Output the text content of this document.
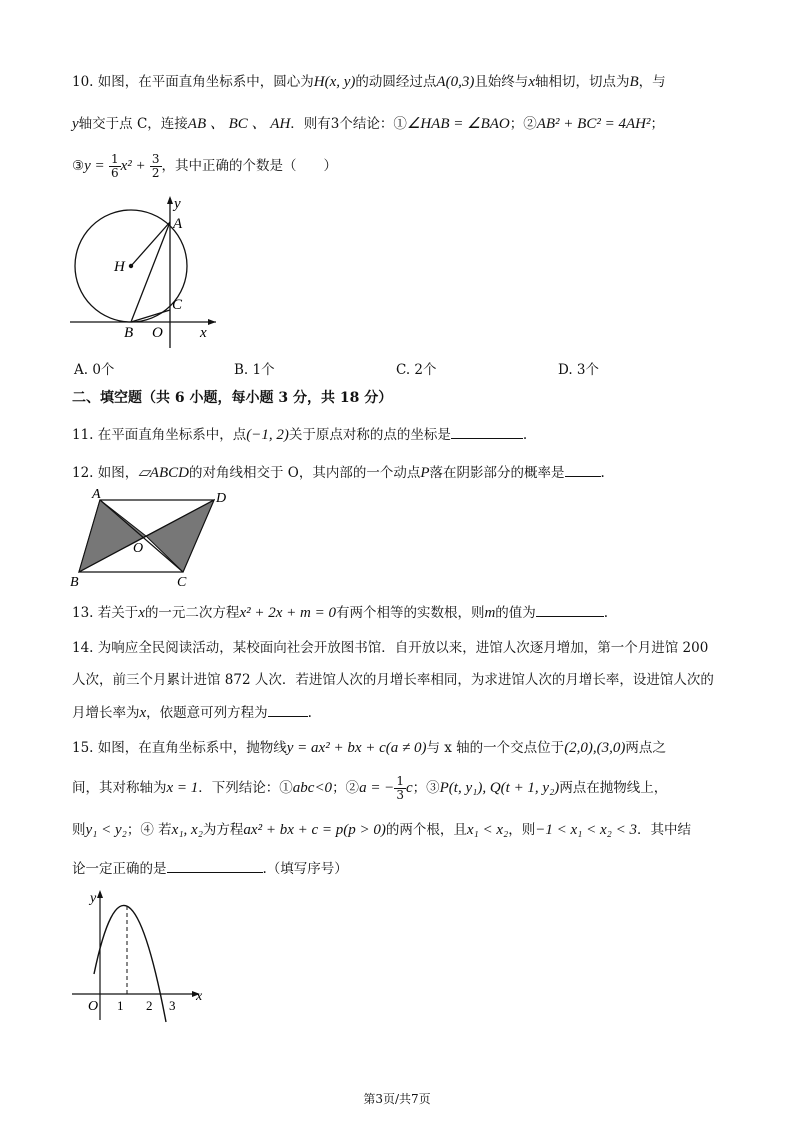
10. 如图，在平面直角坐标系中，圆心为H(x, y)的动圆经过点A(0,3)且始终与x轴相切，切点为B，与
y轴交于点 C，连接AB 、 BC 、 AH．则有3个结论：①∠HAB = ∠BAO；②AB² + BC² = 4AH²；
③y = $\frac{1}{6} x^2 + \frac{3}{2}$ ，其中正确的个数是（　　）
y
A
H
C
B O x
A. 0个	B. 1个	C. 2个	D. 3个
二、填空题（共 6 小题，每小题 3 分，共 18 分）
11. 在平面直角坐标系中，点(−1, 2)关于原点对称的点的坐标是	.
12. 如图，▱ABCD的对角线相交于 O，其内部的一个动点P落在阴影部分的概率是	.
A	D
O
B	C
13. 若关于x的一元二次方程x² + 2x + m = 0有两个相等的实数根，则m的值为	.
14. 为响应全民阅读活动，某校面向社会开放图书馆．自开放以来，进馆人次逐月增加，第一个月进馆 200
人次，前三个月累计进馆 872 人次．若进馆人次的月增长率相同，为求进馆人次的月增长率，设进馆人次的
月增长率为x，依题意可列方程为	.
15. 如图，在直角坐标系中，抛物线y = ax² + bx + c(a ≠ 0)与 x 轴的一个交点位于(2,0),(3,0)两点之
间，其对称轴为x = 1．下列结论：①abc<0；②a = − $\frac{1}{3}$ c；③P(t, y₁), Q(t + 1, y₂)两点在抛物线上，
则y₁ < y₂；④ 若x₁, x₂为方程ax² + bx + c = p(p > 0)的两个根，且x₁ < x₂，则−1 < x₁ < x₂ < 3．其中结
论一定正确的是	.（填写序号）
y
O 1 2 3
x
第3页/共7页
